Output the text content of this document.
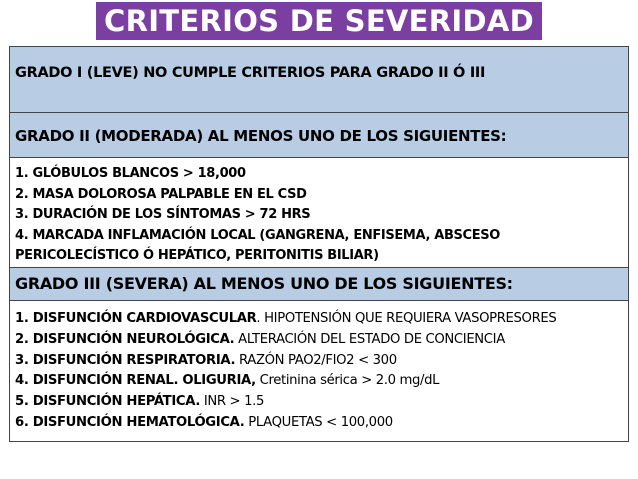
CRITERIOS DE SEVERIDAD
GRADO I (LEVE) NO CUMPLE CRITERIOS PARA GRADO II Ó III
GRADO II (MODERADA) AL MENOS UNO DE LOS SIGUIENTES:
1. GLÓBULOS BLANCOS > 18,000
2. MASA DOLOROSA PALPABLE EN EL CSD
3. DURACIÓN DE LOS SÍNTOMAS > 72 HRS
4. MARCADA INFLAMACIÓN LOCAL (GANGRENA, ENFISEMA, ABSCESO
PERICOLECÍSTICO Ó HEPÁTICO, PERITONITIS BILIAR)
GRADO III (SEVERA) AL MENOS UNO DE LOS SIGUIENTES:
1. DISFUNCIÓN CARDIOVASCULAR. HIPOTENSIÓN QUE REQUIERA VASOPRESORES
2. DISFUNCIÓN NEUROLÓGICA. ALTERACIÓN DEL ESTADO DE CONCIENCIA
3. DISFUNCIÓN RESPIRATORIA. RAZÓN PAO2/FIO2 < 300
4. DISFUNCIÓN RENAL. OLIGURIA, Cretinina sérica > 2.0 mg/dL
5. DISFUNCIÓN HEPÁTICA. INR > 1.5
6. DISFUNCIÓN HEMATOLÓGICA. PLAQUETAS < 100,000
